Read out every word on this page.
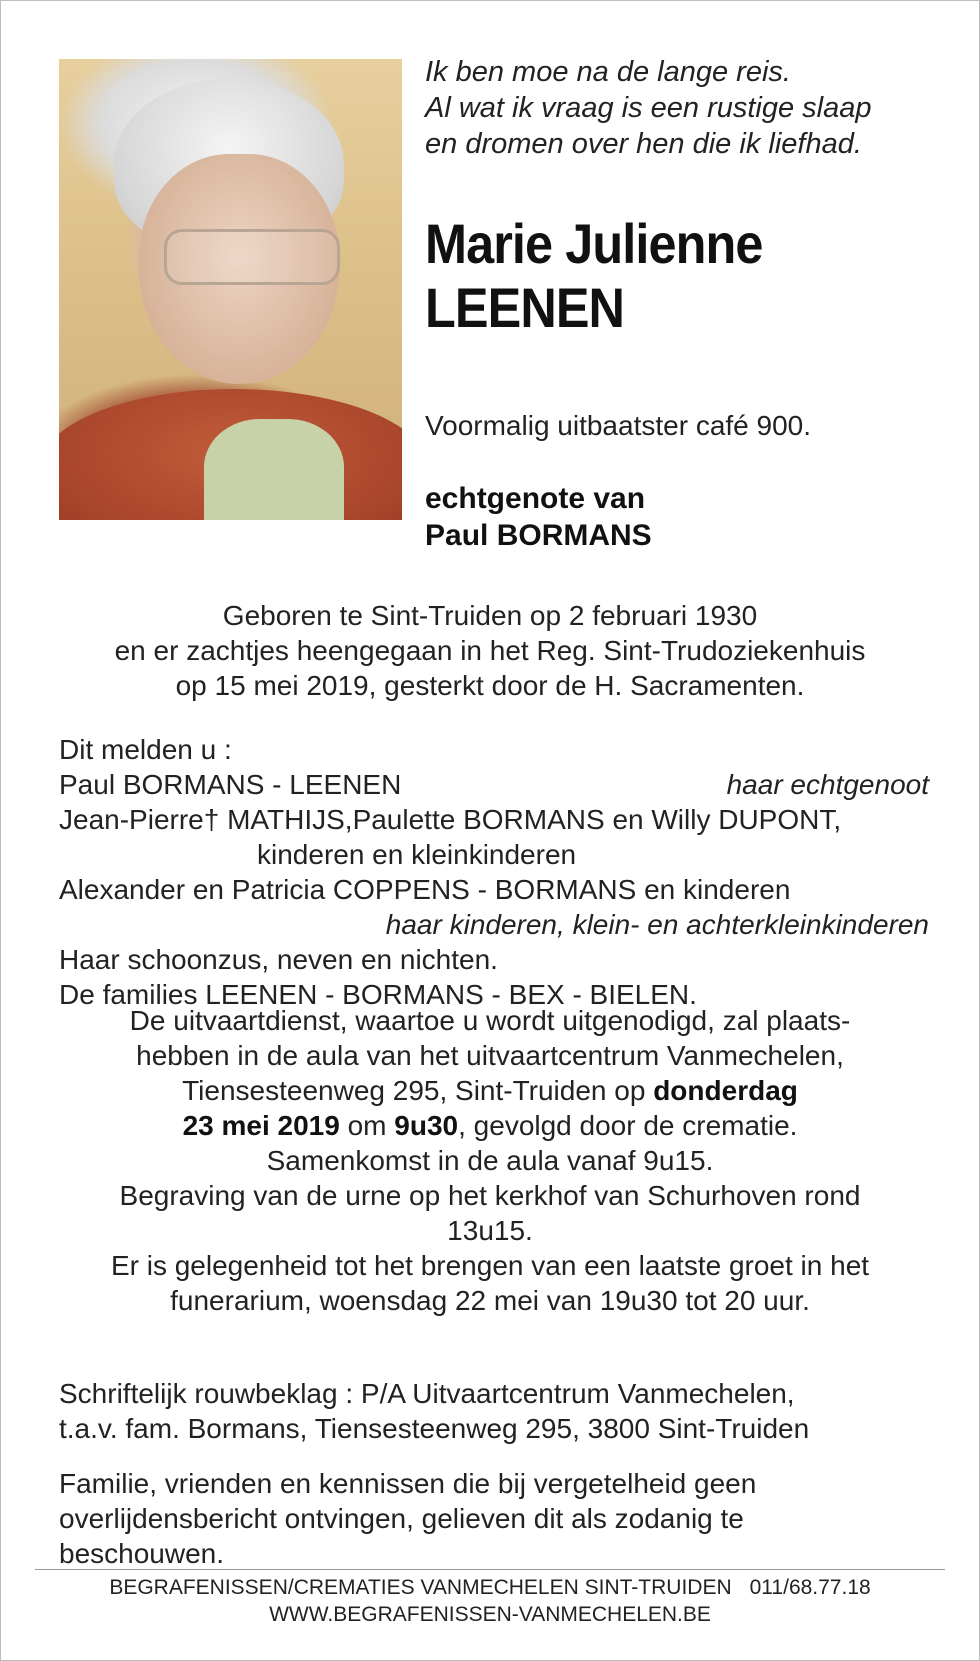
Ik ben moe na de lange reis.
Al wat ik vraag is een rustige slaap
en dromen over hen die ik liefhad.
Marie Julienne
LEENEN
Voormalig uitbaatster café 900.
echtgenote van
Paul BORMANS
Geboren te Sint-Truiden op 2 februari 1930
en er zachtjes heengegaan in het Reg. Sint-Trudoziekenhuis
op 15 mei 2019, gesterkt door de H. Sacramenten.
Dit melden u :
Paul BORMANS - LEENEN	haar echtgenoot
Jean-Pierre† MATHIJS,Paulette BORMANS en Willy DUPONT,
kinderen en kleinkinderen
Alexander en Patricia COPPENS - BORMANS en kinderen
haar kinderen, klein- en achterkleinkinderen
Haar schoonzus, neven en nichten.
De families LEENEN - BORMANS - BEX - BIELEN.
De uitvaartdienst, waartoe u wordt uitgenodigd, zal plaats-
hebben in de aula van het uitvaartcentrum Vanmechelen,
Tiensesteenweg 295, Sint-Truiden op donderdag
23 mei 2019 om 9u30, gevolgd door de crematie.
Samenkomst in de aula vanaf 9u15.
Begraving van de urne op het kerkhof van Schurhoven rond
13u15.
Er is gelegenheid tot het brengen van een laatste groet in het
funerarium, woensdag 22 mei van 19u30 tot 20 uur.
Schriftelijk rouwbeklag : P/A Uitvaartcentrum Vanmechelen,
t.a.v. fam. Bormans, Tiensesteenweg 295, 3800 Sint-Truiden
Familie, vrienden en kennissen die bij vergetelheid geen
overlijdensbericht ontvingen, gelieven dit als zodanig te
beschouwen.
BEGRAFENISSEN/CREMATIES VANMECHELEN SINT-TRUIDEN 011/68.77.18
WWW.BEGRAFENISSEN-VANMECHELEN.BE
